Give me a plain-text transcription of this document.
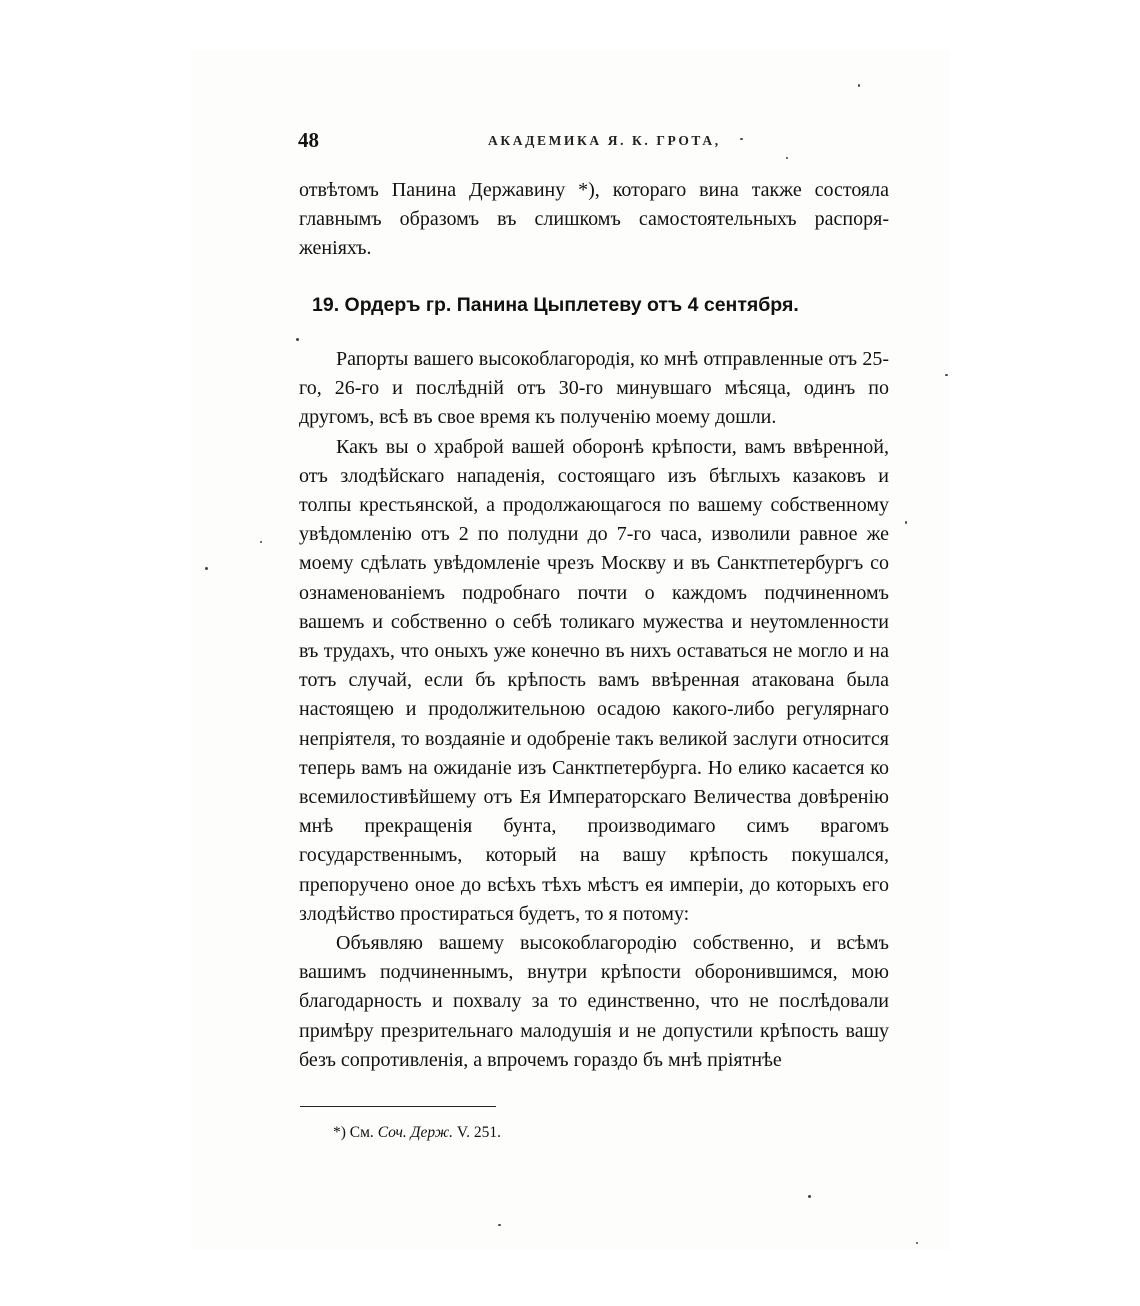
48	АКАДЕМИКА Я. К. ГРОТА,

отвѣтомъ Панина Державину *), котораго вина также состояла главнымъ образомъ въ слишкомъ самостоятельныхъ распоряженіяхъ.

19. Ордеръ гр. Панина Цыплетеву отъ 4 сентября.

Рапорты вашего высокоблагородія, ко мнѣ отправленные отъ 25-го, 26-го и послѣдній отъ 30-го минувшаго мѣсяца, одинъ по другомъ, всѣ въ свое время къ полученію моему дошли.

Какъ вы о храброй вашей оборонѣ крѣпости, вамъ ввѣренной, отъ злодѣйскаго нападенія, состоящаго изъ бѣглыхъ казаковъ и толпы крестьянской, а продолжающагося по вашему собственному увѣдомленію отъ 2 по полудни до 7-го часа, изволили равное же моему сдѣлать увѣдомленіе чрезъ Москву и въ Санктпетербургъ со ознаменованіемъ подробнаго почти о каждомъ подчиненномъ вашемъ и собственно о себѣ толикаго мужества и неутомленности въ трудахъ, что оныхъ уже конечно въ нихъ оставаться не могло и на тотъ случай, если бъ крѣпость вамъ ввѣренная атакована была настоящею и продолжительною осадою какого-либо регулярнаго непріятеля, то воздаяніе и одобреніе такъ великой заслуги относится теперь вамъ на ожиданіе изъ Санктпетербурга. Но елико касается ко всемилостивѣйшему отъ Ея Императорскаго Величества довѣренію мнѣ прекращенія бунта, производимаго симъ врагомъ государственнымъ, который на вашу крѣпость покушался, препоручено оное до всѣхъ тѣхъ мѣстъ ея имперіи, до которыхъ его злодѣйство простираться будетъ, то я потому:

Объявляю вашему высокоблагородію собственно, и всѣмъ вашимъ подчиненнымъ, внутри крѣпости оборонившимся, мою благодарность и похвалу за то единственно, что не послѣдовали примѣру презрительнаго малодушія и не допустили крѣпость вашу безъ сопротивленія, а впрочемъ гораздо бъ мнѣ пріятнѣе

*) См. Соч. Держ. V. 251.
